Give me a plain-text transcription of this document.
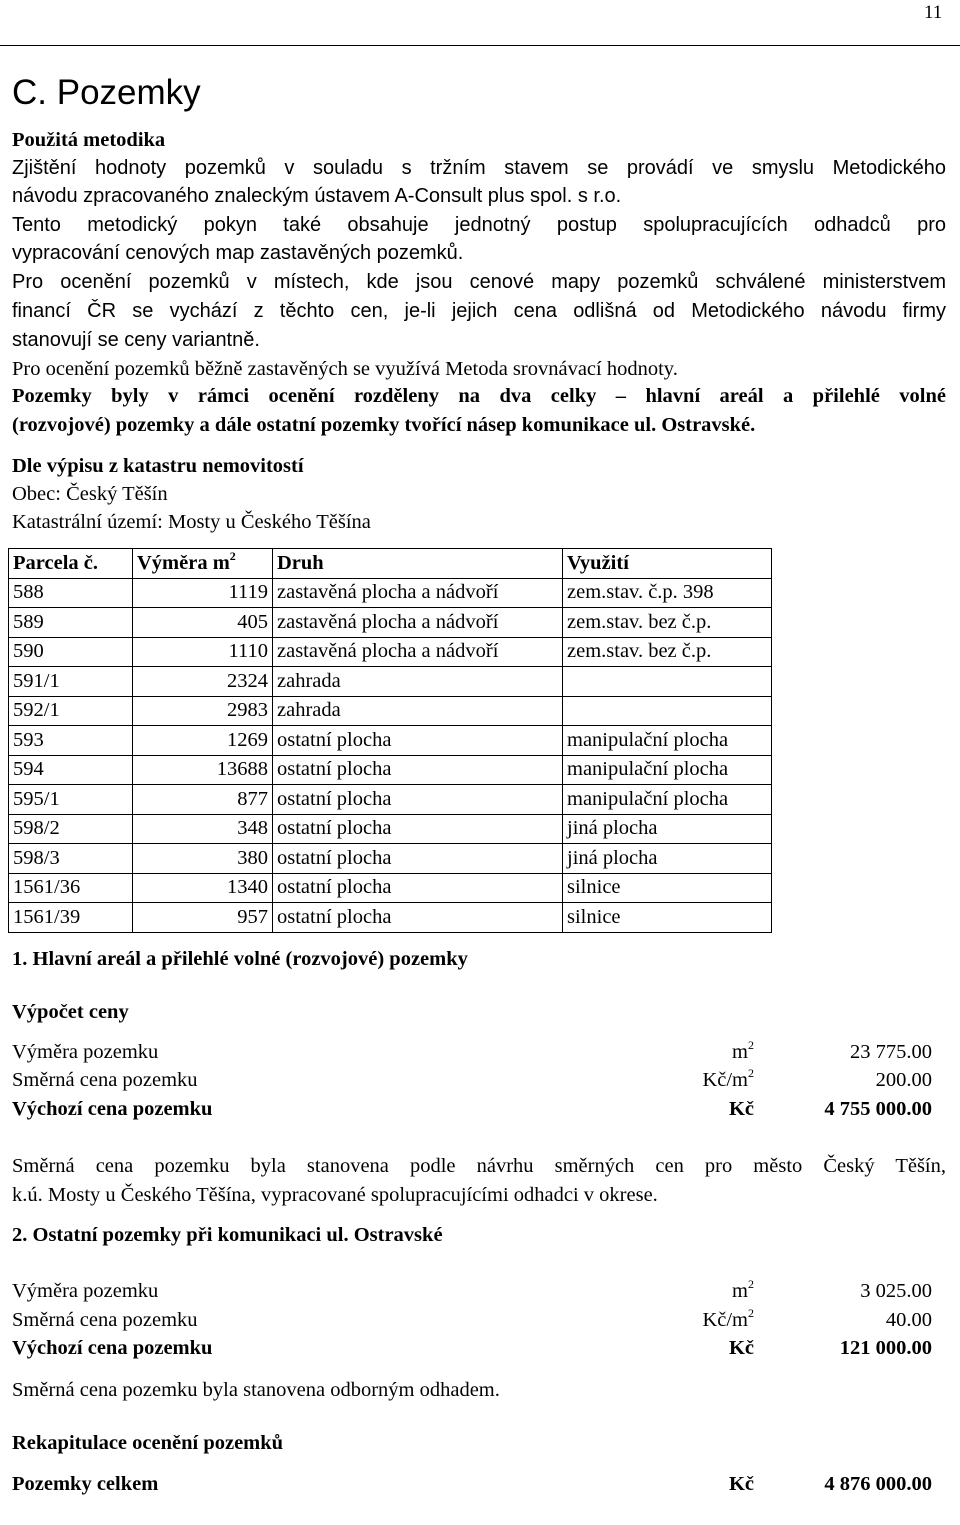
11
C. Pozemky
Použitá metodika
Zjištění hodnoty pozemků v souladu s tržním stavem se provádí ve smyslu Metodického
návodu zpracovaného znaleckým ústavem A-Consult plus spol. s r.o.
Tento metodický pokyn také obsahuje jednotný postup spolupracujících odhadců pro
vypracování cenových map zastavěných pozemků.
Pro ocenění pozemků v místech, kde jsou cenové mapy pozemků schválené ministerstvem
financí ČR se vychází z těchto cen, je-li jejich cena odlišná od Metodického návodu firmy
stanovují se ceny variantně.
Pro ocenění pozemků běžně zastavěných se využívá Metoda srovnávací hodnoty.
Pozemky byly v rámci ocenění rozděleny na dva celky – hlavní areál a přilehlé volné
(rozvojové) pozemky a dále ostatní pozemky tvořící násep komunikace ul. Ostravské.
Dle výpisu z katastru nemovitostí
Obec: Český Těšín
Katastrální území: Mosty u Českého Těšína
Parcela č.	Výměra $m^2$	Druh	Využití
588	1119	zastavěná plocha a nádvoří	zem.stav. č.p. 398
589	405	zastavěná plocha a nádvoří	zem.stav. bez č.p.
590	1110	zastavěná plocha a nádvoří	zem.stav. bez č.p.
591/1	2324	zahrada	
592/1	2983	zahrada	
593	1269	ostatní plocha	manipulační plocha
594	13688	ostatní plocha	manipulační plocha
595/1	877	ostatní plocha	manipulační plocha
598/2	348	ostatní plocha	jiná plocha
598/3	380	ostatní plocha	jiná plocha
1561/36	1340	ostatní plocha	silnice
1561/39	957	ostatní plocha	silnice
1. Hlavní areál a přilehlé volné (rozvojové) pozemky
Výpočet ceny
Výměra pozemku	$m^2$	23 775.00
Směrná cena pozemku	$Kč/m^2$	200.00
Výchozí cena pozemku	Kč	4 755 000.00
Směrná cena pozemku byla stanovena podle návrhu směrných cen pro město Český Těšín,
k.ú. Mosty u Českého Těšína, vypracované spolupracujícími odhadci v okrese.
2. Ostatní pozemky při komunikaci ul. Ostravské
Výměra pozemku	$m^2$	3 025.00
Směrná cena pozemku	$Kč/m^2$	40.00
Výchozí cena pozemku	Kč	121 000.00
Směrná cena pozemku byla stanovena odborným odhadem.
Rekapitulace ocenění pozemků
Pozemky celkem	Kč	4 876 000.00
